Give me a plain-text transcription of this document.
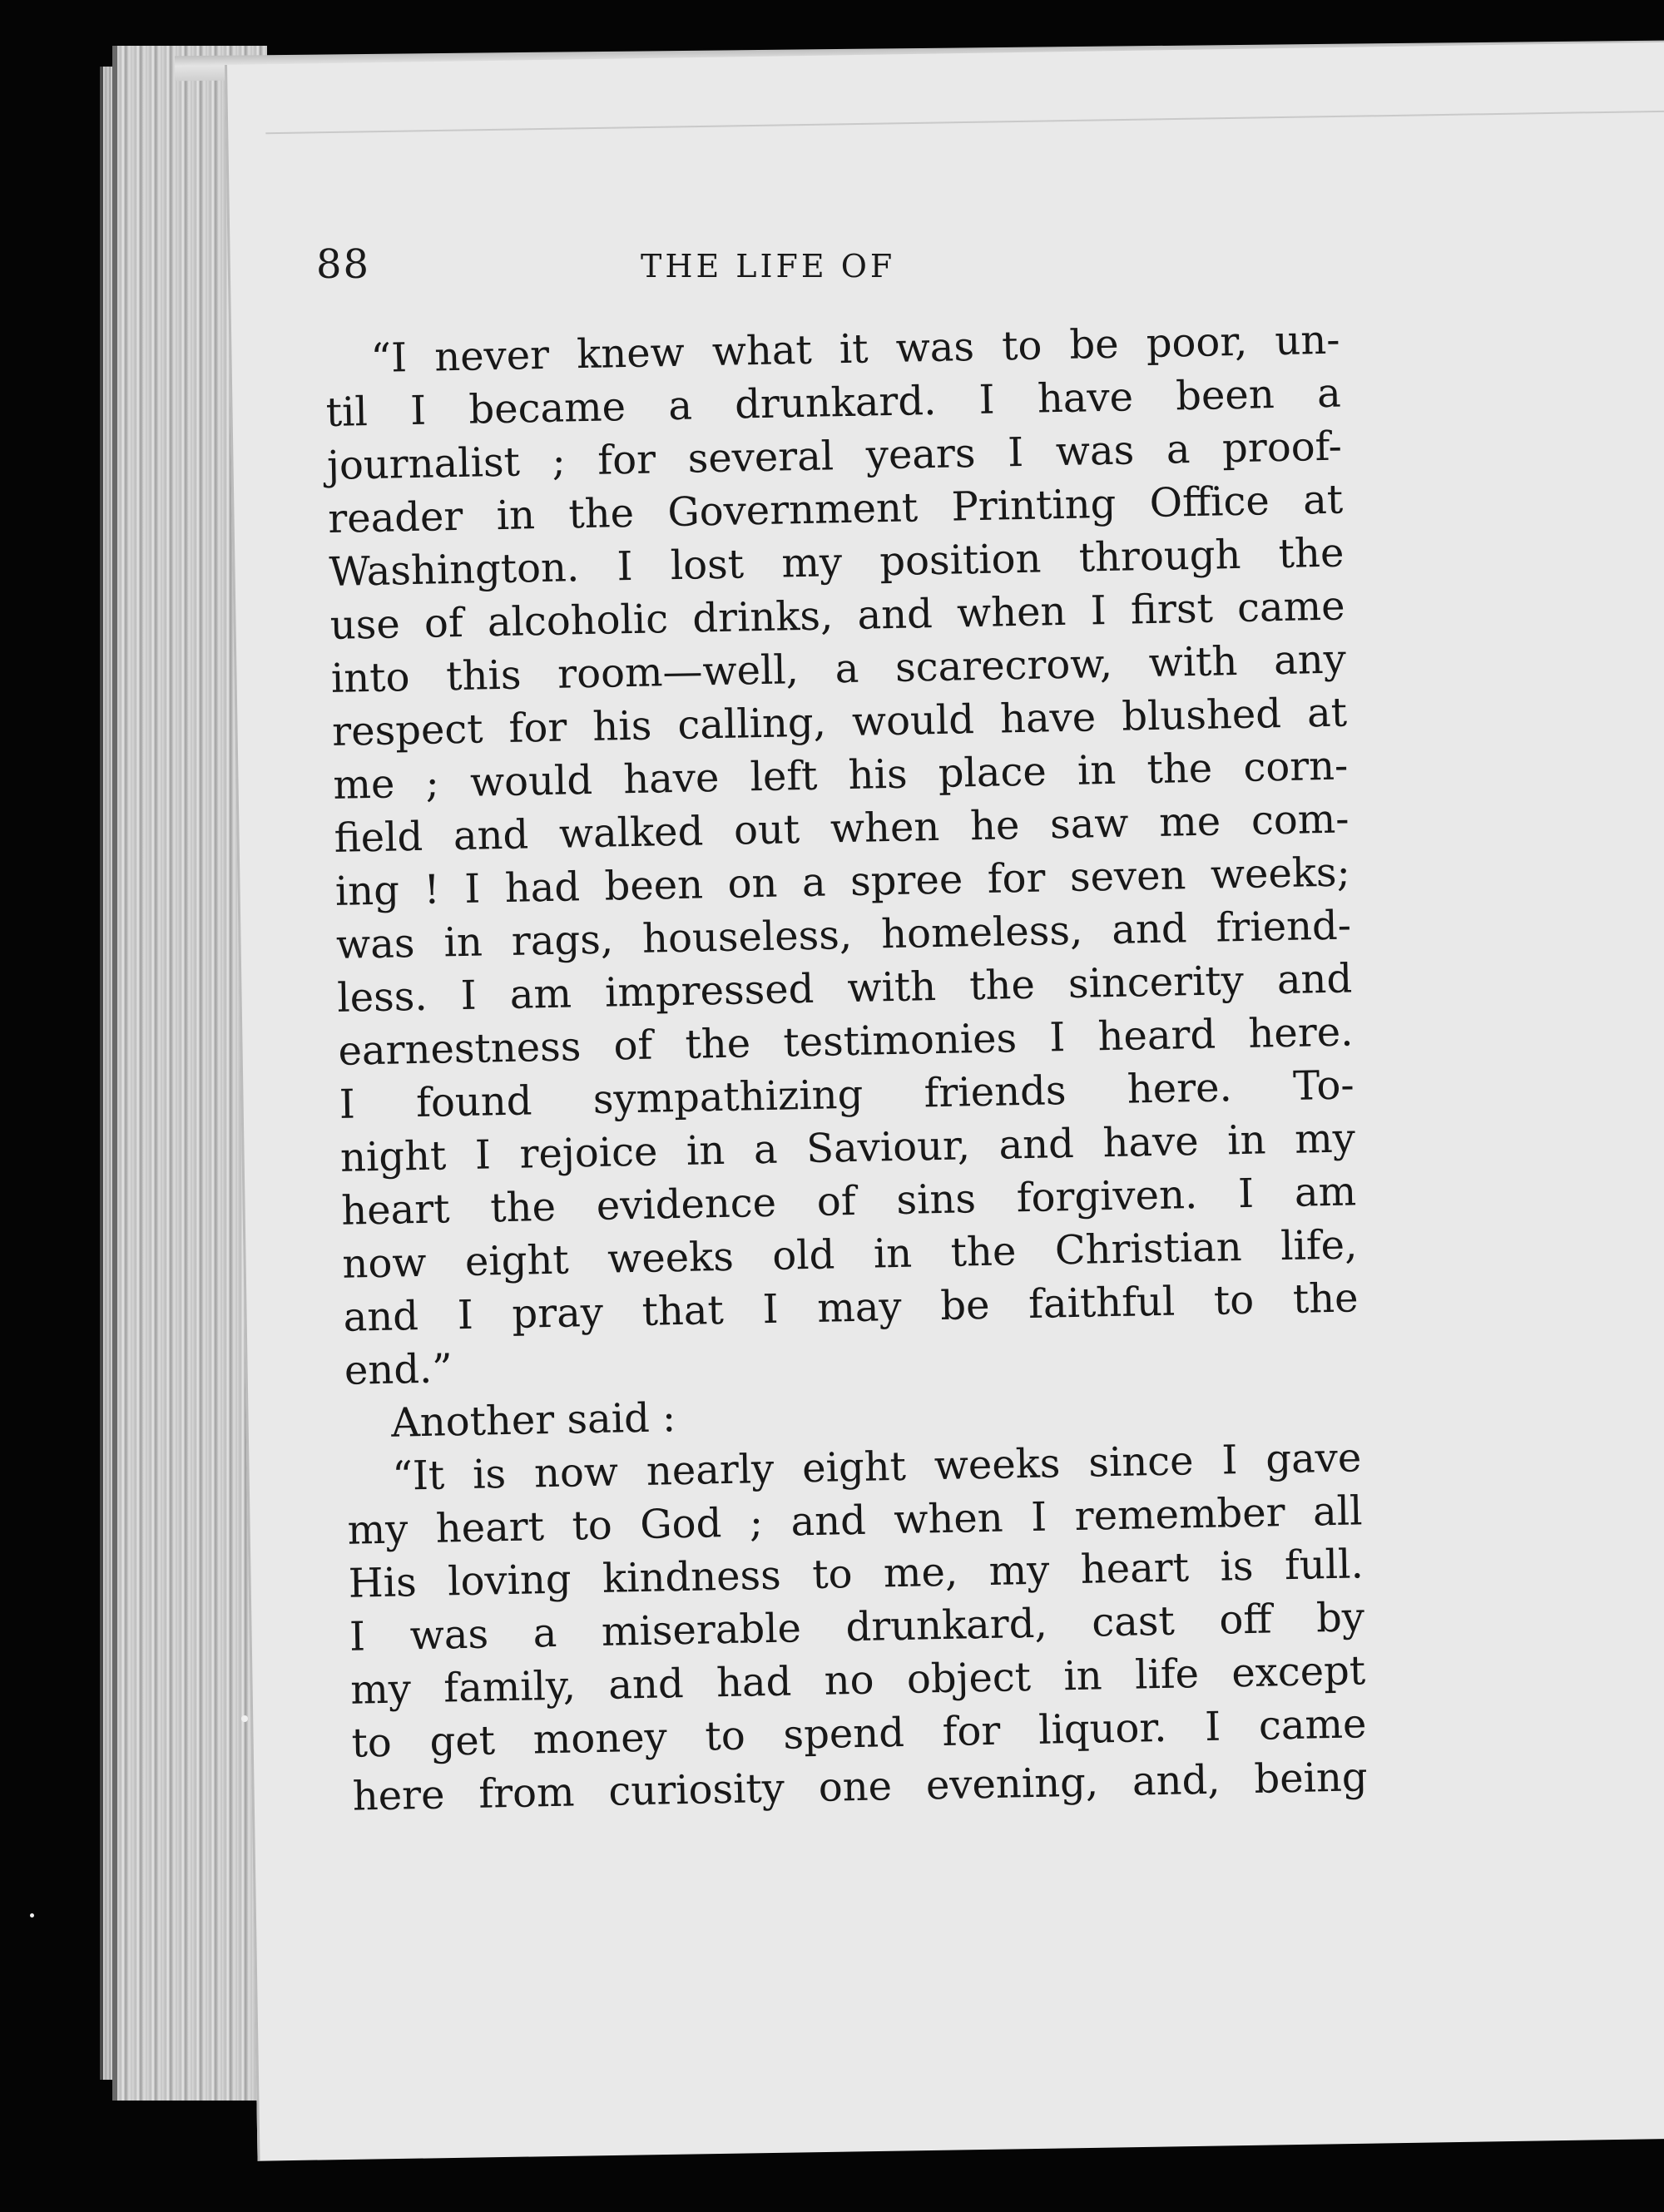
88	THE LIFE OF
“I never knew what it was to be poor, un-
til I became a drunkard. I have been a
journalist ; for several years I was a proof-
reader in the Government Printing Office at
Washington. I lost my position through the
use of alcoholic drinks, and when I first came
into this room—well, a scarecrow, with any
respect for his calling, would have blushed at
me ; would have left his place in the corn-
field and walked out when he saw me com-
ing ! I had been on a spree for seven weeks;
was in rags, houseless, homeless, and friend-
less. I am impressed with the sincerity and
earnestness of the testimonies I heard here.
I found sympathizing friends here. To-
night I rejoice in a Saviour, and have in my
heart the evidence of sins forgiven. I am
now eight weeks old in the Christian life,
and I pray that I may be faithful to the
end.”
Another said :
“It is now nearly eight weeks since I gave
my heart to God ; and when I remember all
His loving kindness to me, my heart is full.
I was a miserable drunkard, cast off by
my family, and had no object in life except
to get money to spend for liquor. I came
here from curiosity one evening, and, being
